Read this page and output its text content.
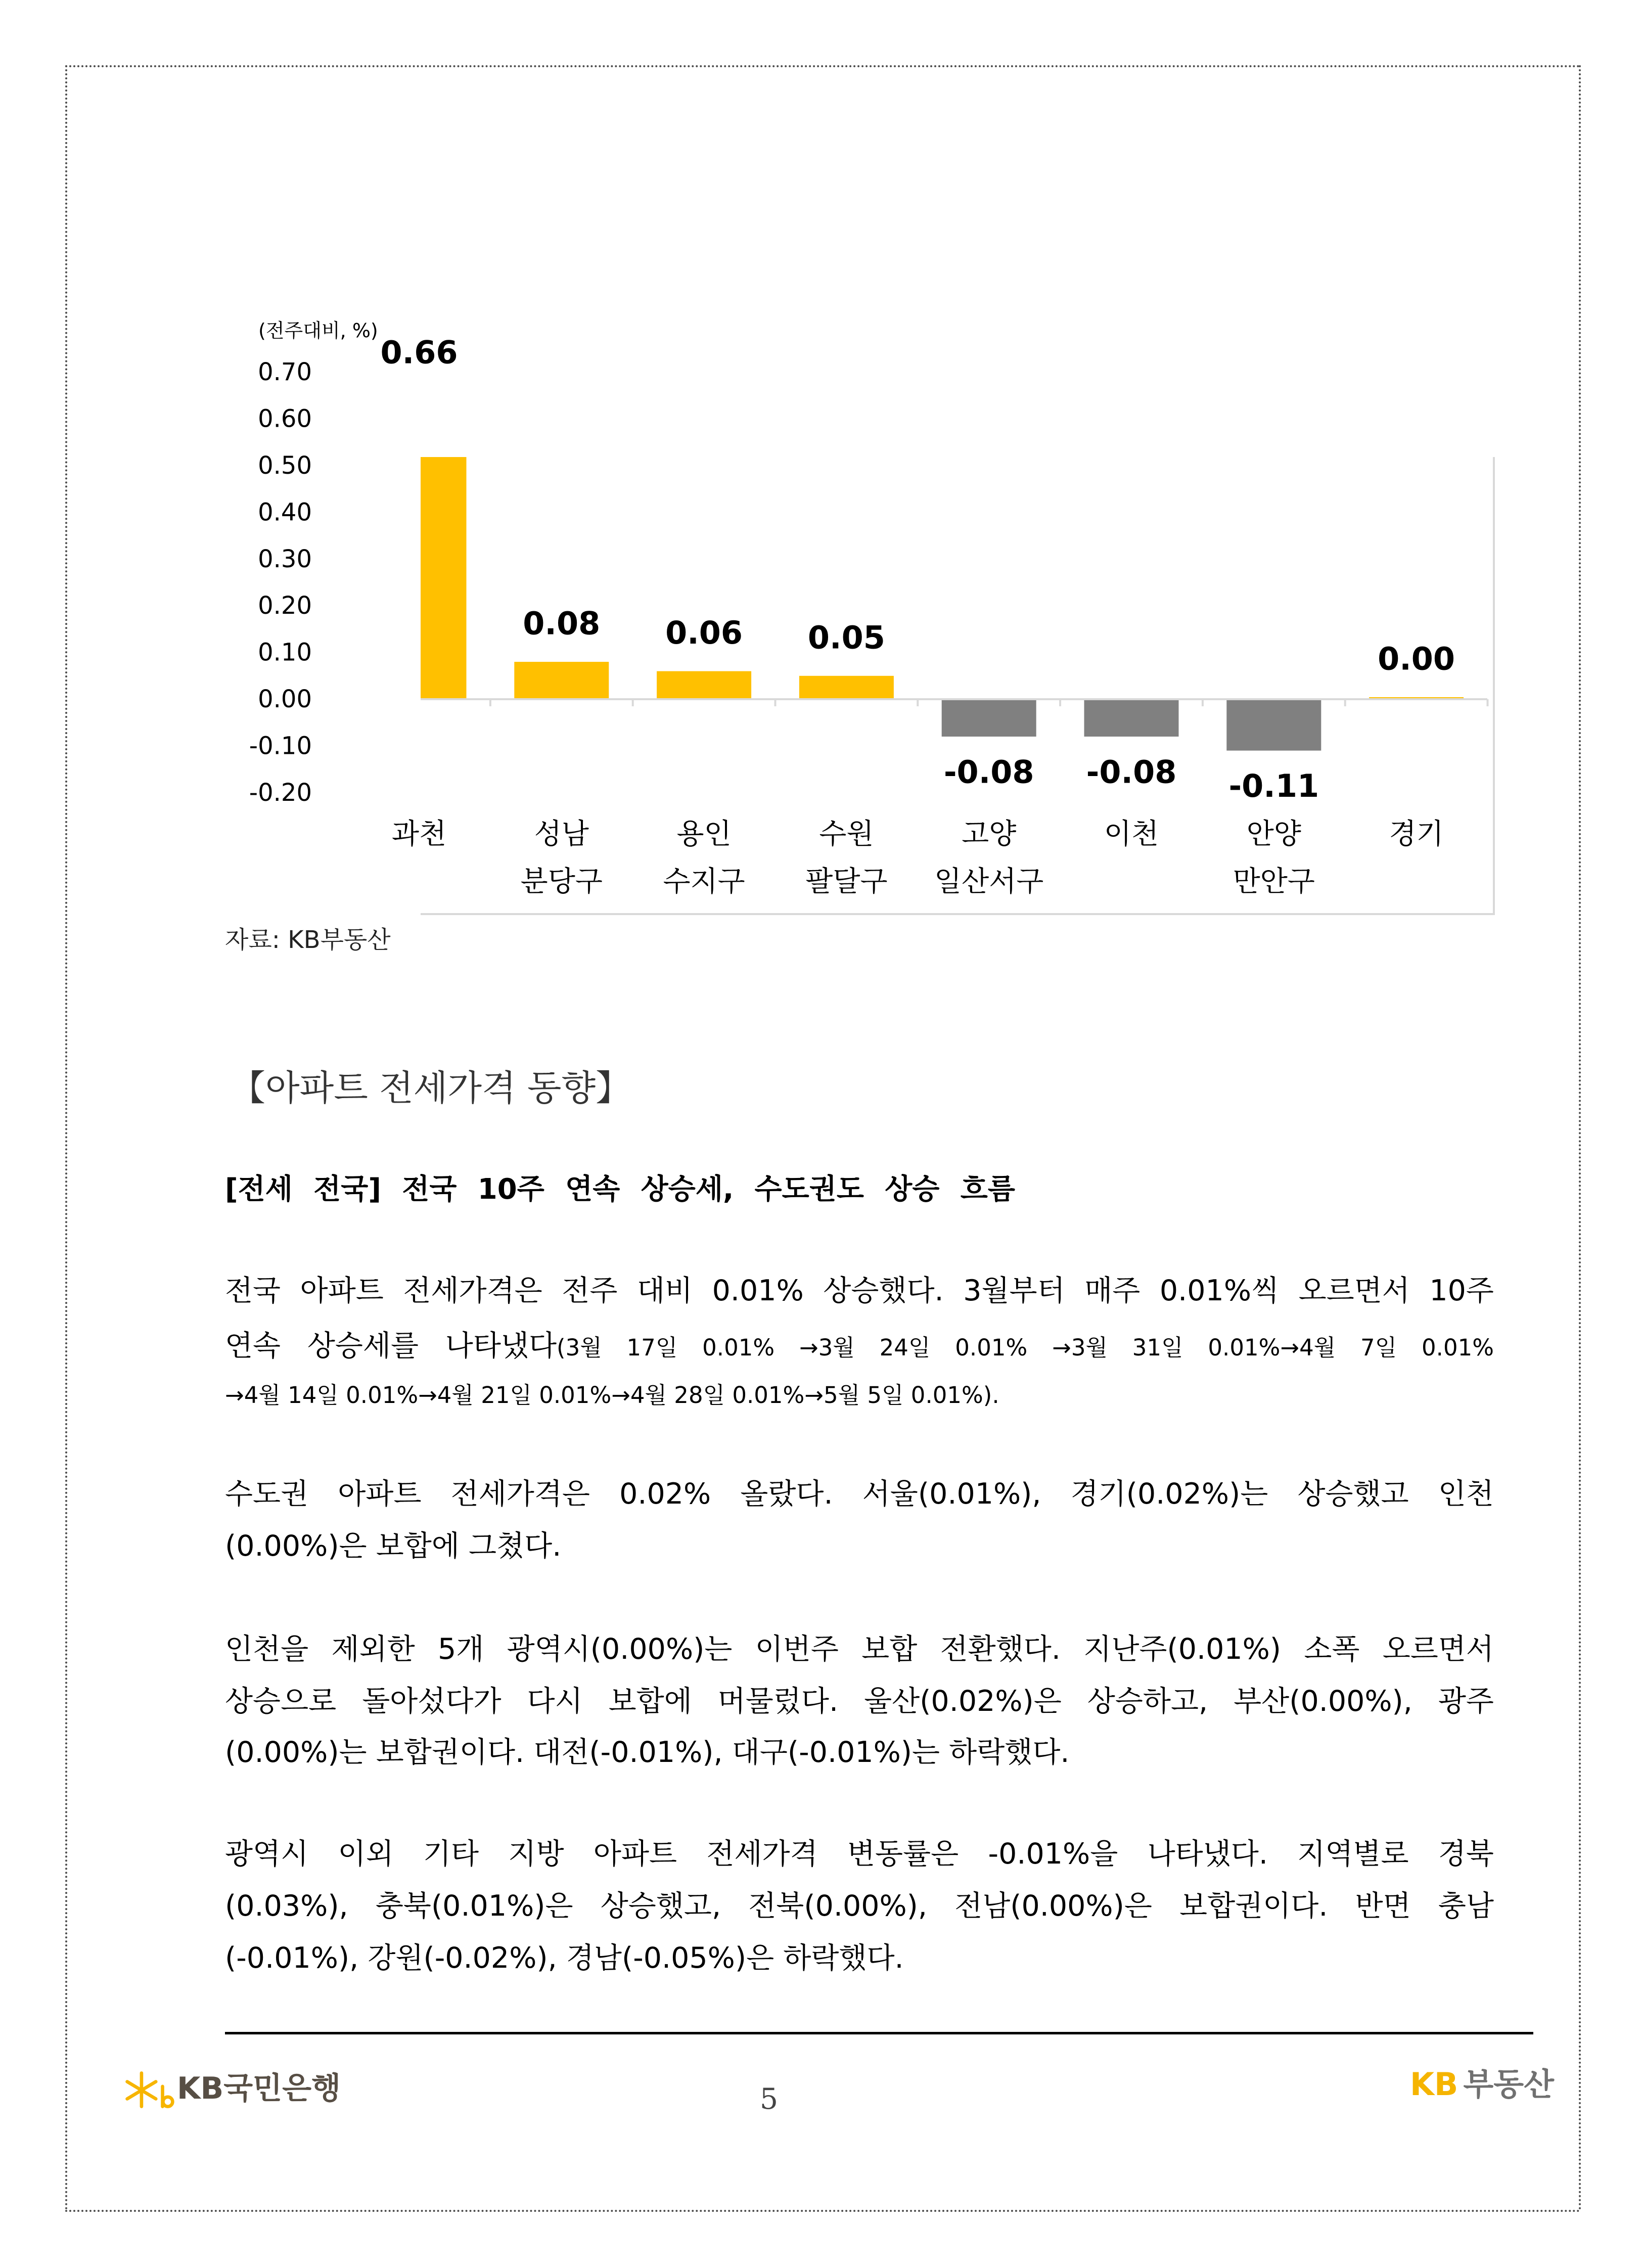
(전주대비, %)
0.70
0.60
0.50
0.40
0.30
0.20
0.10
0.00
-0.10
-0.20
0.66
0.08 0.06 0.05
-0.08 -0.08 -0.11
0.00
과천	성남
분당구
용인
수지구
수원
팔달구
고양
일산서구
이천	안양
만안구
경기
자료: KB부동산
【아파트 전세가격 동향】
[전세 전국] 전국 10주 연속 상승세, 수도권도 상승 흐름
전국 아파트 전세가격은 전주 대비 0.01% 상승했다. 3월부터 매주 0.01%씩 오르면서 10주
연속 상승세를 나타냈다(3월 17일 0.01% →3월 24일 0.01% →3월 31일 0.01%→4월 7일 0.01%
→4월 14일 0.01%→4월 21일 0.01%→4월 28일 0.01%→5월 5일 0.01%).
수도권 아파트 전세가격은 0.02% 올랐다. 서울(0.01%), 경기(0.02%)는 상승했고 인천
(0.00%)은 보합에 그쳤다.
인천을 제외한 5개 광역시(0.00%)는 이번주 보합 전환했다. 지난주(0.01%) 소폭 오르면서
상승으로 돌아섰다가 다시 보합에 머물렀다. 울산(0.02%)은 상승하고, 부산(0.00%), 광주
(0.00%)는 보합권이다. 대전(-0.01%), 대구(-0.01%)는 하락했다.
광역시 이외 기타 지방 아파트 전세가격 변동률은 -0.01%을 나타냈다. 지역별로 경북
(0.03%), 충북(0.01%)은 상승했고, 전북(0.00%), 전남(0.00%)은 보합권이다. 반면 충남
(-0.01%), 강원(-0.02%), 경남(-0.05%)은 하락했다.
KB국민은행	5	KB 부동산
